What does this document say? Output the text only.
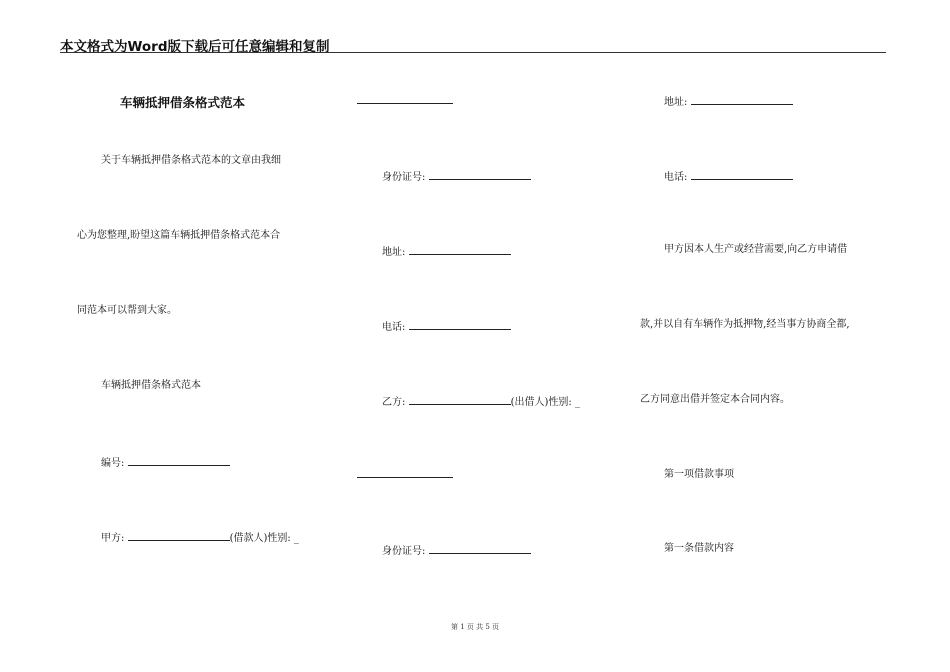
本文格式为Word版下载后可任意编辑和复制
车辆抵押借条格式范本
关于车辆抵押借条格式范本的文章由我细
心为您整理,盼望这篇车辆抵押借条格式范本合
同范本可以帮到大家。
车辆抵押借条格式范本
编号:
甲方:	(借款人)性别: _
身份证号:
地址:
电话:
乙方:	(出借人)性别: _
身份证号:
地址:
电话:
甲方因本人生产或经营需要,向乙方申请借
款,并以自有车辆作为抵押物,经当事方协商全都,
乙方同意出借并签定本合同内容。
第一项借款事项
第一条借款内容
第 1 页 共 5 页
